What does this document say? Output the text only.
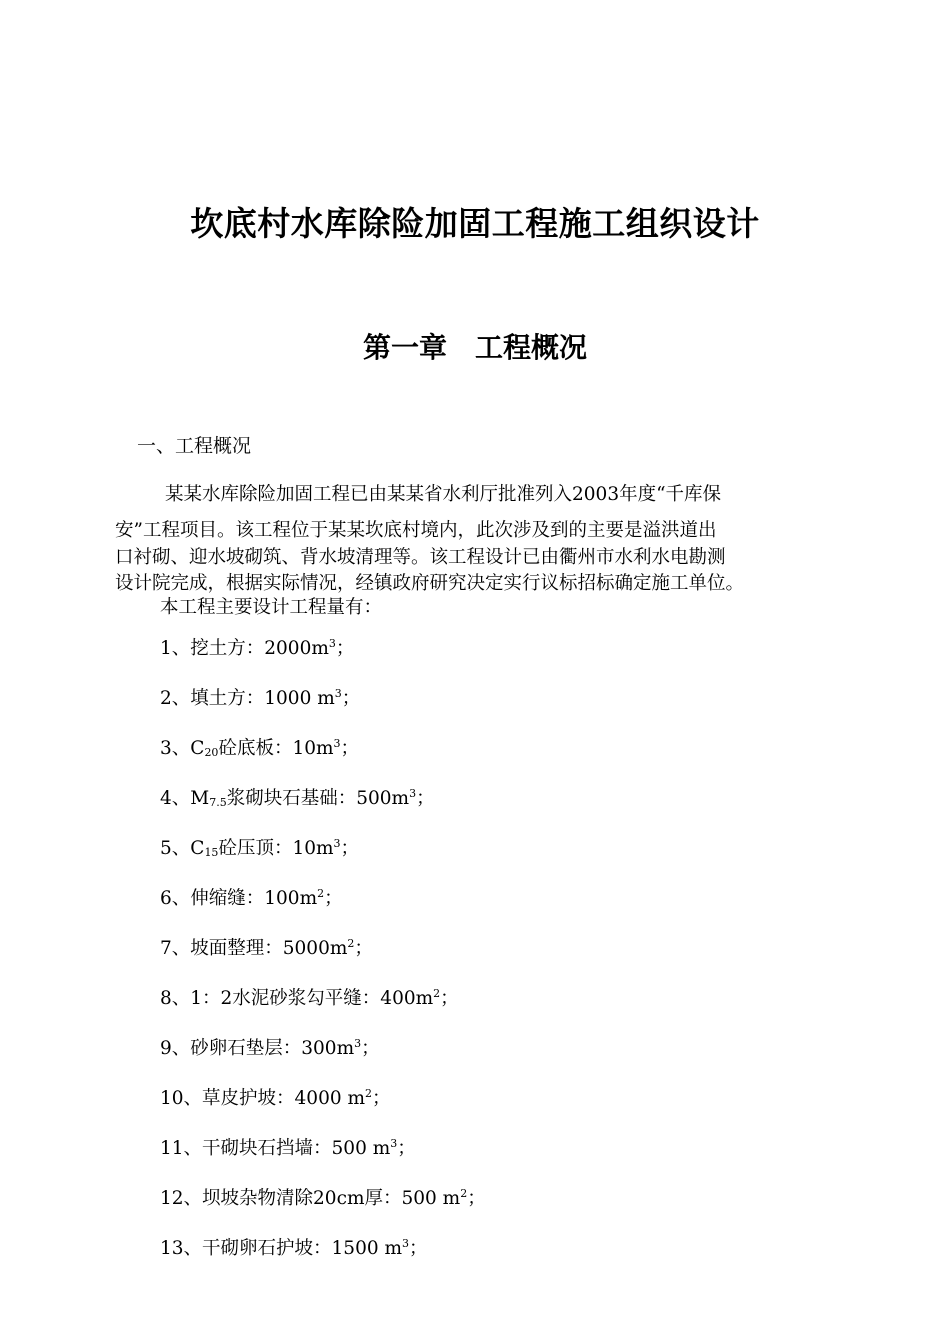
坎底村水库除险加固工程施工组织设计
第一章　工程概况
一、工程概况
某某水库除险加固工程已由某某省水利厅批准列入2003年度“千库保
安”工程项目。该工程位于某某坎底村境内，此次涉及到的主要是溢洪道出
口衬砌、迎水坡砌筑、背水坡清理等。该工程设计已由衢州市水利水电勘测
设计院完成，根据实际情况，经镇政府研究决定实行议标招标确定施工单位。
本工程主要设计工程量有：
1、挖土方：$2000m^3$；
2、填土方：1000 $m^3$；
3、C20砼底板：$10m^3$；
4、M7.5浆砌块石基础：$500m^3$；
5、C15砼压顶：$10m^3$；
6、伸缩缝：$100m^2$；
7、坡面整理：$5000m^2$；
8、1：2水泥砂浆勾平缝：$400m^2$；
9、砂卵石垫层：$300m^3$；
10、草皮护坡：4000 $m^2$；
11、干砌块石挡墙：500 $m^3$；
12、坝坡杂物清除20cm厚：500 $m^2$；
13、干砌卵石护坡：1500 $m^3$；
